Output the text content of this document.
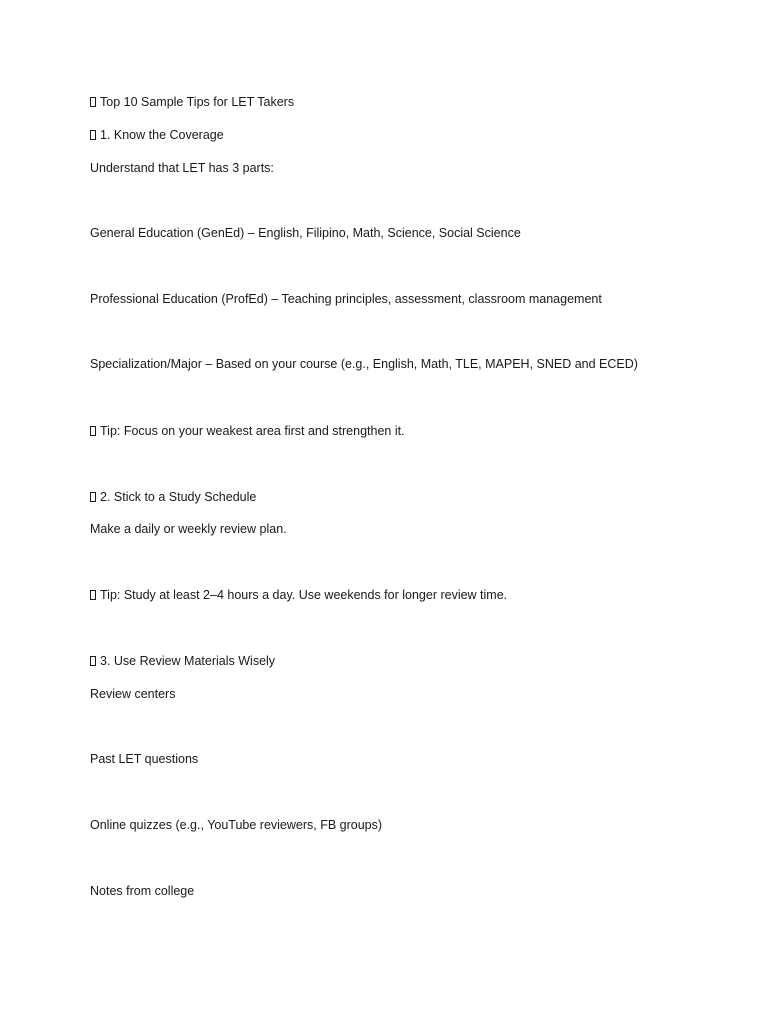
Top 10 Sample Tips for LET Takers
1. Know the Coverage
Understand that LET has 3 parts:
General Education (GenEd) – English, Filipino, Math, Science, Social Science
Professional Education (ProfEd) – Teaching principles, assessment, classroom management
Specialization/Major – Based on your course (e.g., English, Math, TLE, MAPEH, SNED and ECED)
Tip: Focus on your weakest area first and strengthen it.
2. Stick to a Study Schedule
Make a daily or weekly review plan.
Tip: Study at least 2–4 hours a day. Use weekends for longer review time.
3. Use Review Materials Wisely
Review centers
Past LET questions
Online quizzes (e.g., YouTube reviewers, FB groups)
Notes from college
